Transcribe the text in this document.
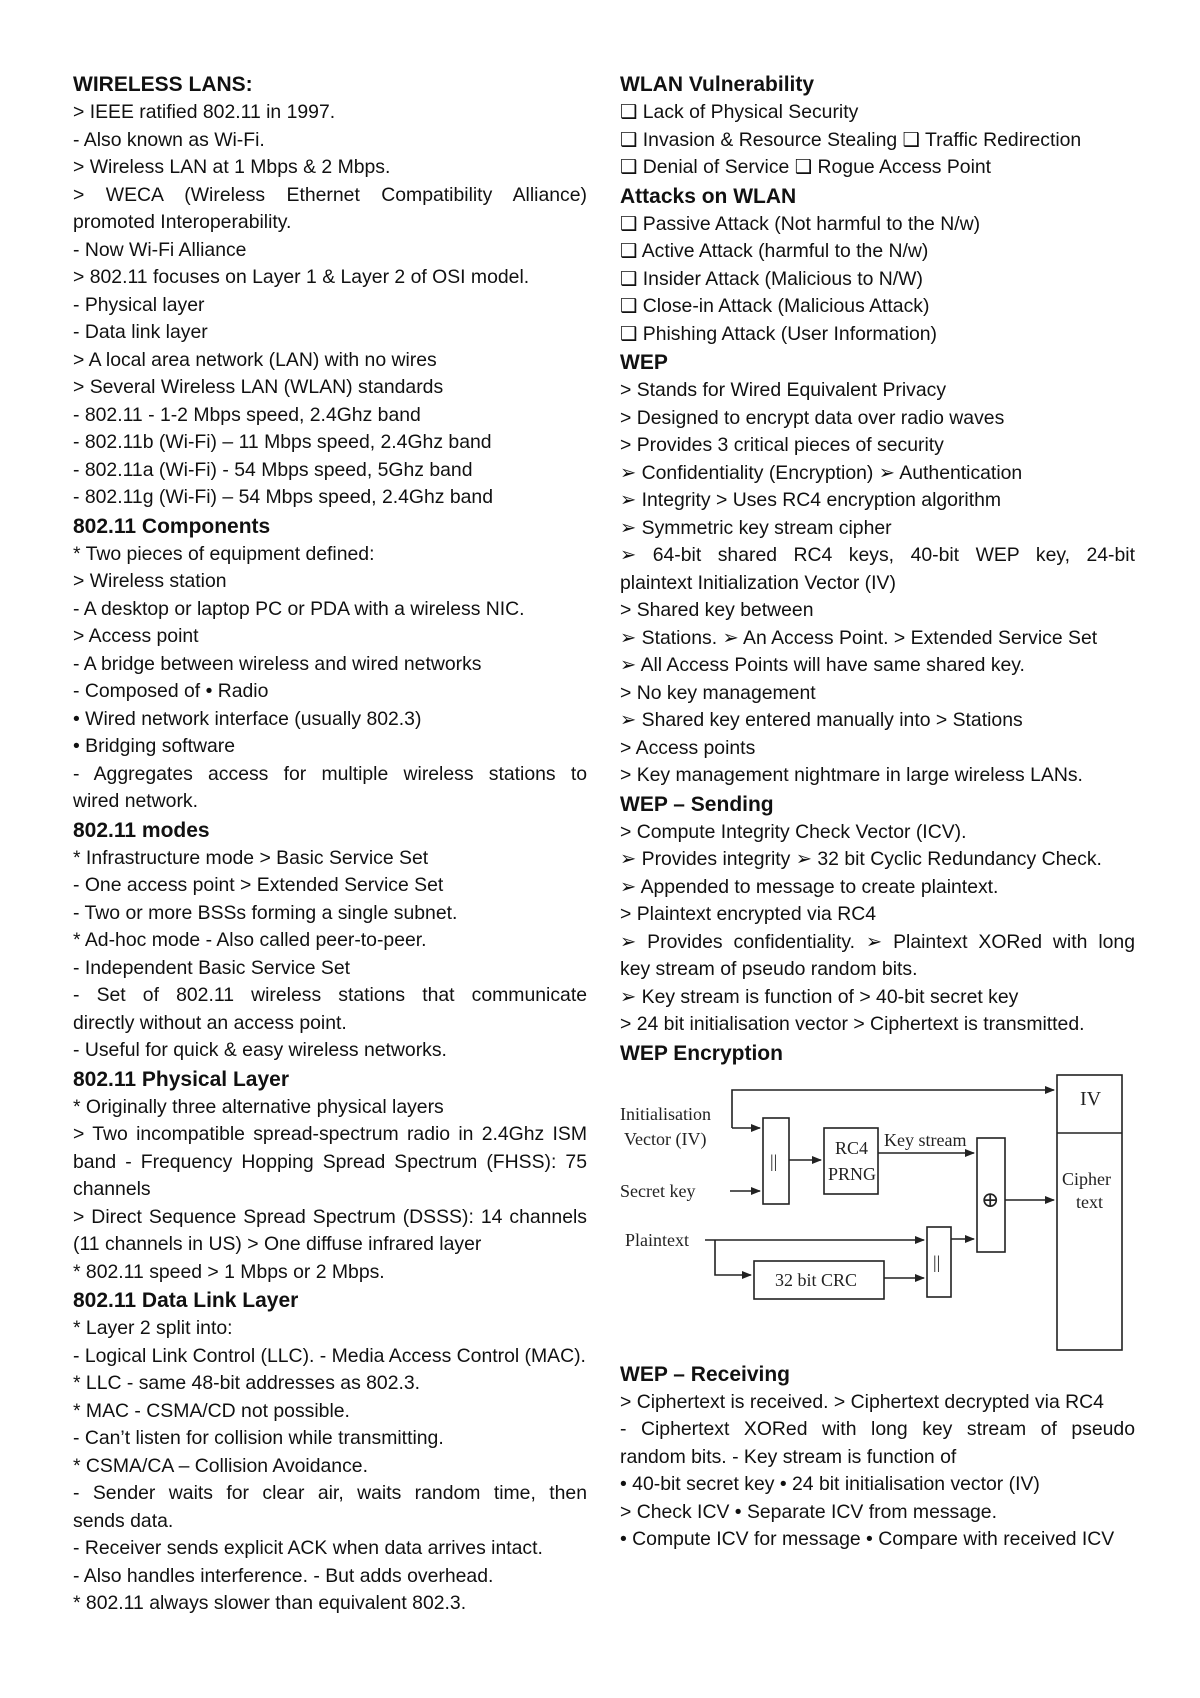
WIRELESS LANS:
> IEEE ratified 802.11 in 1997.
- Also known as Wi-Fi.
> Wireless LAN at 1 Mbps & 2 Mbps.
> WECA (Wireless Ethernet Compatibility Alliance)
promoted Interoperability.
- Now Wi-Fi Alliance
> 802.11 focuses on Layer 1 & Layer 2 of OSI model.
- Physical layer
- Data link layer
> A local area network (LAN) with no wires
> Several Wireless LAN (WLAN) standards
- 802.11 - 1-2 Mbps speed, 2.4Ghz band
- 802.11b (Wi-Fi) – 11 Mbps speed, 2.4Ghz band
- 802.11a (Wi-Fi) - 54 Mbps speed, 5Ghz band
- 802.11g (Wi-Fi) – 54 Mbps speed, 2.4Ghz band
802.11 Components
* Two pieces of equipment defined:
> Wireless station
- A desktop or laptop PC or PDA with a wireless NIC.
> Access point
- A bridge between wireless and wired networks
- Composed of • Radio
• Wired network interface (usually 802.3)
• Bridging software
- Aggregates access for multiple wireless stations to
wired network.
802.11 modes
* Infrastructure mode > Basic Service Set
- One access point > Extended Service Set
- Two or more BSSs forming a single subnet.
* Ad-hoc mode - Also called peer-to-peer.
- Independent Basic Service Set
- Set of 802.11 wireless stations that communicate
directly without an access point.
- Useful for quick & easy wireless networks.
802.11 Physical Layer
* Originally three alternative physical layers
> Two incompatible spread-spectrum radio in 2.4Ghz ISM
band - Frequency Hopping Spread Spectrum (FHSS): 75
channels
> Direct Sequence Spread Spectrum (DSSS): 14 channels
(11 channels in US) > One diffuse infrared layer
* 802.11 speed > 1 Mbps or 2 Mbps.
802.11 Data Link Layer
* Layer 2 split into:
- Logical Link Control (LLC). - Media Access Control (MAC).
* LLC - same 48-bit addresses as 802.3.
* MAC - CSMA/CD not possible.
- Can’t listen for collision while transmitting.
* CSMA/CA – Collision Avoidance.
- Sender waits for clear air, waits random time, then
sends data.
- Receiver sends explicit ACK when data arrives intact.
- Also handles interference. - But adds overhead.
* 802.11 always slower than equivalent 802.3.
WLAN Vulnerability
❑ Lack of Physical Security
❑ Invasion & Resource Stealing ❑ Traffic Redirection
❑ Denial of Service ❑ Rogue Access Point
Attacks on WLAN
❑ Passive Attack (Not harmful to the N/w)
❑ Active Attack (harmful to the N/w)
❑ Insider Attack (Malicious to N/W)
❑ Close-in Attack (Malicious Attack)
❑ Phishing Attack (User Information)
WEP
> Stands for Wired Equivalent Privacy
> Designed to encrypt data over radio waves
> Provides 3 critical pieces of security
➢ Confidentiality (Encryption) ➢ Authentication
➢ Integrity > Uses RC4 encryption algorithm
➢ Symmetric key stream cipher
➢ 64-bit shared RC4 keys, 40-bit WEP key, 24-bit
plaintext Initialization Vector (IV)
> Shared key between
➢ Stations. ➢ An Access Point. > Extended Service Set
➢ All Access Points will have same shared key.
> No key management
➢ Shared key entered manually into > Stations
> Access points
> Key management nightmare in large wireless LANs.
WEP – Sending
> Compute Integrity Check Vector (ICV).
➢ Provides integrity ➢ 32 bit Cyclic Redundancy Check.
➢ Appended to message to create plaintext.
> Plaintext encrypted via RC4
➢ Provides confidentiality. ➢ Plaintext XORed with long
key stream of pseudo random bits.
➢ Key stream is function of > 40-bit secret key
> 24 bit initialisation vector > Ciphertext is transmitted.
WEP Encryption
IV
Initialisation
Vector (IV)
Secret key
||
RC4
PRNG
Key stream
⊕
Cipher
text
Plaintext
32 bit CRC
||
WEP – Receiving
> Ciphertext is received. > Ciphertext decrypted via RC4
- Ciphertext XORed with long key stream of pseudo
random bits. - Key stream is function of
• 40-bit secret key • 24 bit initialisation vector (IV)
> Check ICV • Separate ICV from message.
• Compute ICV for message • Compare with received ICV
